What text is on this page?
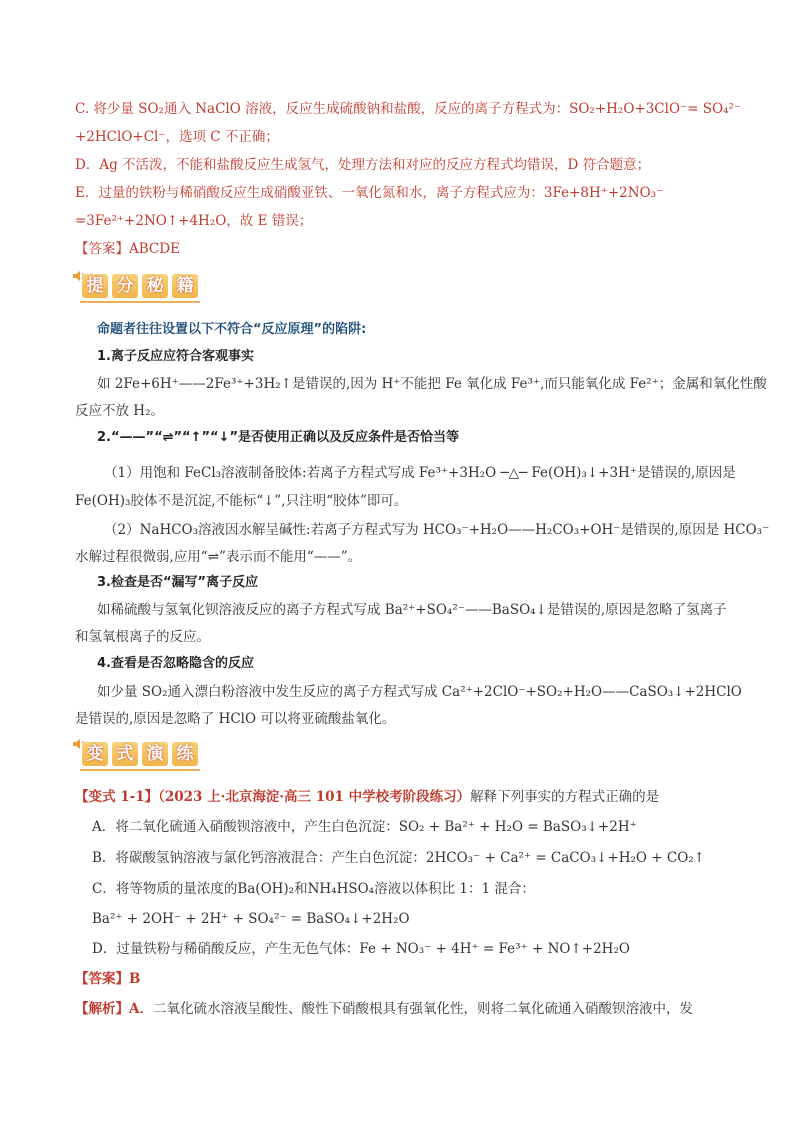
C. 将少量 SO₂通入 NaClO 溶液，反应生成硫酸钠和盐酸，反应的离子方程式为：SO₂+H₂O+3ClO⁻= SO₄²⁻
+2HClO+Cl⁻，选项 C 不正确；
D．Ag 不活泼，不能和盐酸反应生成氢气，处理方法和对应的反应方程式均错误，D 符合题意；
E．过量的铁粉与稀硝酸反应生成硝酸亚铁、一氧化氮和水，离子方程式应为：3Fe+8H⁺+2NO₃⁻
=3Fe²⁺+2NO↑+4H₂O，故 E 错误；
【答案】ABCDE
提 分 秘 籍
命题者往往设置以下不符合“反应原理”的陷阱:
1.离子反应应符合客观事实
如 2Fe+6H⁺——2Fe³⁺+3H₂↑是错误的,因为 H⁺不能把 Fe 氧化成 Fe³⁺,而只能氧化成 Fe²⁺；金属和氧化性酸
反应不放 H₂。
2.“——”“⇌”“↑”“↓”是否使用正确以及反应条件是否恰当等
（1）用饱和 FeCl₃溶液制备胶体:若离子方程式写成 Fe³⁺+3H₂O ─△─ Fe(OH)₃↓+3H⁺是错误的,原因是
Fe(OH)₃胶体不是沉淀,不能标“↓”,只注明“胶体”即可。
（2）NaHCO₃溶液因水解呈碱性:若离子方程式写为 HCO₃⁻+H₂O——H₂CO₃+OH⁻是错误的,原因是 HCO₃⁻
水解过程很微弱,应用“⇌”表示而不能用“——”。
3.检查是否“漏写”离子反应
如稀硫酸与氢氧化钡溶液反应的离子方程式写成 Ba²⁺+SO₄²⁻——BaSO₄↓是错误的,原因是忽略了氢离子
和氢氧根离子的反应。
4.查看是否忽略隐含的反应
如少量 SO₂通入漂白粉溶液中发生反应的离子方程式写成 Ca²⁺+2ClO⁻+SO₂+H₂O——CaSO₃↓+2HClO
是错误的,原因是忽略了 HClO 可以将亚硫酸盐氧化。
变 式 演 练
【变式 1-1】（2023 上·北京海淀·高三 101 中学校考阶段练习）解释下列事实的方程式正确的是
A．将二氧化硫通入硝酸钡溶液中，产生白色沉淀：SO₂ + Ba²⁺ + H₂O = BaSO₃↓+2H⁺
B．将碳酸氢钠溶液与氯化钙溶液混合：产生白色沉淀：2HCO₃⁻ + Ca²⁺ = CaCO₃↓+H₂O + CO₂↑
C．将等物质的量浓度的Ba(OH)₂和NH₄HSO₄溶液以体积比 1：1 混合：
Ba²⁺ + 2OH⁻ + 2H⁺ + SO₄²⁻ = BaSO₄↓+2H₂O
D．过量铁粉与稀硝酸反应，产生无色气体：Fe + NO₃⁻ + 4H⁺ = Fe³⁺ + NO↑+2H₂O
【答案】B
【解析】A．二氧化硫水溶液呈酸性、酸性下硝酸根具有强氧化性，则将二氧化硫通入硝酸钡溶液中，发
